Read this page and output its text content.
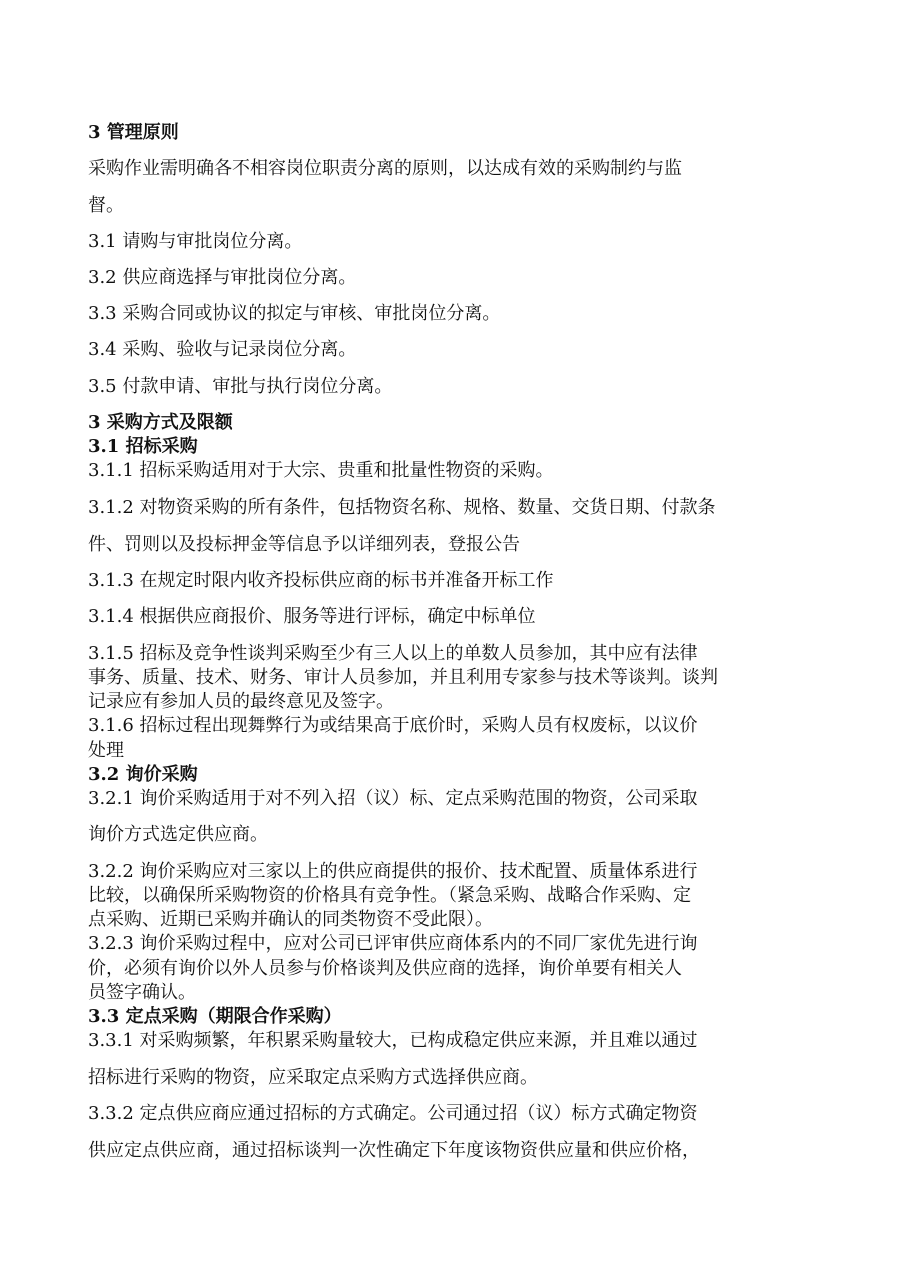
3 管理原则
采购作业需明确各不相容岗位职责分离的原则，以达成有效的采购制约与监
督。
3.1 请购与审批岗位分离。
3.2 供应商选择与审批岗位分离。
3.3 采购合同或协议的拟定与审核、审批岗位分离。
3.4 采购、验收与记录岗位分离。
3.5 付款申请、审批与执行岗位分离。
3 采购方式及限额
3.1 招标采购
3.1.1 招标采购适用对于大宗、贵重和批量性物资的采购。
3.1.2 对物资采购的所有条件，包括物资名称、规格、数量、交货日期、付款条
件、罚则以及投标押金等信息予以详细列表，登报公告
3.1.3 在规定时限内收齐投标供应商的标书并准备开标工作
3.1.4 根据供应商报价、服务等进行评标，确定中标单位
3.1.5 招标及竞争性谈判采购至少有三人以上的单数人员参加，其中应有法律
事务、质量、技术、财务、审计人员参加，并且利用专家参与技术等谈判。谈判
记录应有参加人员的最终意见及签字。
3.1.6 招标过程出现舞弊行为或结果高于底价时，采购人员有权废标，以议价
处理
3.2 询价采购
3.2.1 询价采购适用于对不列入招（议）标、定点采购范围的物资，公司采取
询价方式选定供应商。
3.2.2 询价采购应对三家以上的供应商提供的报价、技术配置、质量体系进行
比较，以确保所采购物资的价格具有竞争性。（紧急采购、战略合作采购、定
点采购、近期已采购并确认的同类物资不受此限）。
3.2.3 询价采购过程中，应对公司已评审供应商体系内的不同厂家优先进行询
价，必须有询价以外人员参与价格谈判及供应商的选择，询价单要有相关人
员签字确认。
3.3 定点采购（期限合作采购）
3.3.1 对采购频繁，年积累采购量较大，已构成稳定供应来源，并且难以通过
招标进行采购的物资，应采取定点采购方式选择供应商。
3.3.2 定点供应商应通过招标的方式确定。公司通过招（议）标方式确定物资
供应定点供应商，通过招标谈判一次性确定下年度该物资供应量和供应价格，
